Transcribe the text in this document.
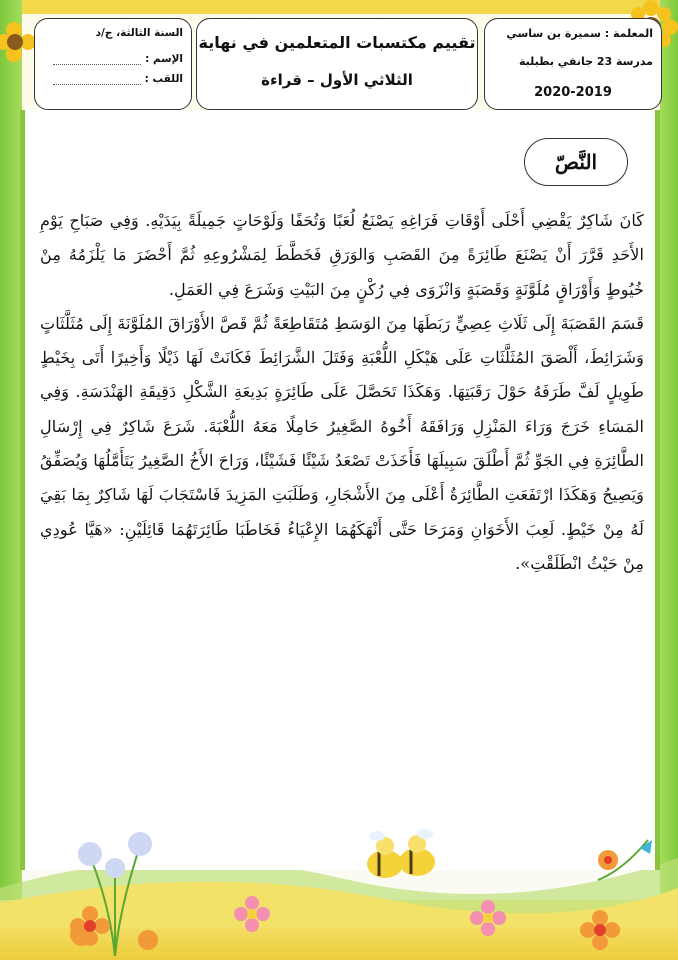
المعلمة : سميرة بن ساسي
مدرسة 23 جانفي بطبلبة
2020-2019
تقييم مكتسبات المتعلمين في نهاية
الثلاثي الأول – قراءة
السنة الثالثة، ج/د
الإسم :
اللقب :
النَّصّ

كَانَ شَاكِرٌ يَقْضِي أَحْلَى أَوْقَاتِ فَرَاغِهِ يَصْنَعُ لُعَبًا وَتُحَفًا وَلَوْحَاتٍ جَمِيلَةً بِيَدَيْهِ. وَفِي صَبَاحِ يَوْمِ الأَحَدِ قَرَّرَ أَنْ يَصْنَعَ طَائِرَةً مِنَ القَصَبِ وَالوَرَقِ فَخَطَّطَ لِمَشْرُوعِهِ ثُمَّ أَحْضَرَ مَا يَلْزَمُهُ مِنْ خُيُوطٍ وَأَوْرَاقٍ مُلَوَّنَةٍ وَقَصَبَةٍ وَانْزَوَى فِي رُكْنٍ مِنَ البَيْتِ وَشَرَعَ فِي العَمَلِ.

قَسَمَ القَصَبَةَ إِلَى ثَلَاثِ عِصِيٍّ رَبَطَهَا مِنَ الوَسَطِ مُتَقَاطِعَةً ثُمَّ قَصَّ الأَوْرَاقَ المُلَوَّنَةَ إِلَى مُثَلَّثَاتٍ وَشَرَائِطَ، أَلْصَقَ المُثَلَّثَاتِ عَلَى هَيْكَلِ اللُّعْبَةِ وَفَتَلَ الشَّرَائِطَ فَكَانَتْ لَهَا ذَيْلًا وَأَخِيرًا أَتَى بِخَيْطٍ طَوِيلٍ لَفَّ طَرَفَهُ حَوْلَ رَقَبَتِهَا. وَهَكَذَا تَحَصَّلَ عَلَى طَائِرَةٍ بَدِيعَةِ الشَّكْلِ دَقِيقَةِ الهَنْدَسَةِ. وَفِي المَسَاءِ خَرَجَ وَرَاءَ المَنْزِلِ وَرَافَقَهُ أَخُوهُ الصَّغِيرُ حَامِلًا مَعَهُ اللُّعْبَةَ. شَرَعَ شَاكِرٌ فِي إِرْسَالِ الطَّائِرَةِ فِي الجَوِّ ثُمَّ أَطْلَقَ سَبِيلَهَا فَأَخَذَتْ تَصْعَدُ شَيْئًا فَشَيْئًا، وَرَاحَ الأَخُ الصَّغِيرُ يَتَأَمَّلُهَا وَيُصَفِّقُ وَيَصِيحُ وَهَكَذَا ارْتَفَعَتِ الطَّائِرَةُ أَعْلَى مِنَ الأَشْجَارِ، وَطَلَبَتِ المَزِيدَ فَاسْتَجَابَ لَهَا شَاكِرٌ بِمَا بَقِيَ لَهُ مِنْ خَيْطٍ. لَعِبَ الأَخَوَانِ وَمَرَحَا حَتَّى أَنْهَكَهُمَا الإِعْيَاءُ فَخَاطَبَا طَائِرَتَهُمَا قَائِلَيْنِ: «هَيَّا عُودِي مِنْ حَيْثُ انْطَلَقْتِ».
